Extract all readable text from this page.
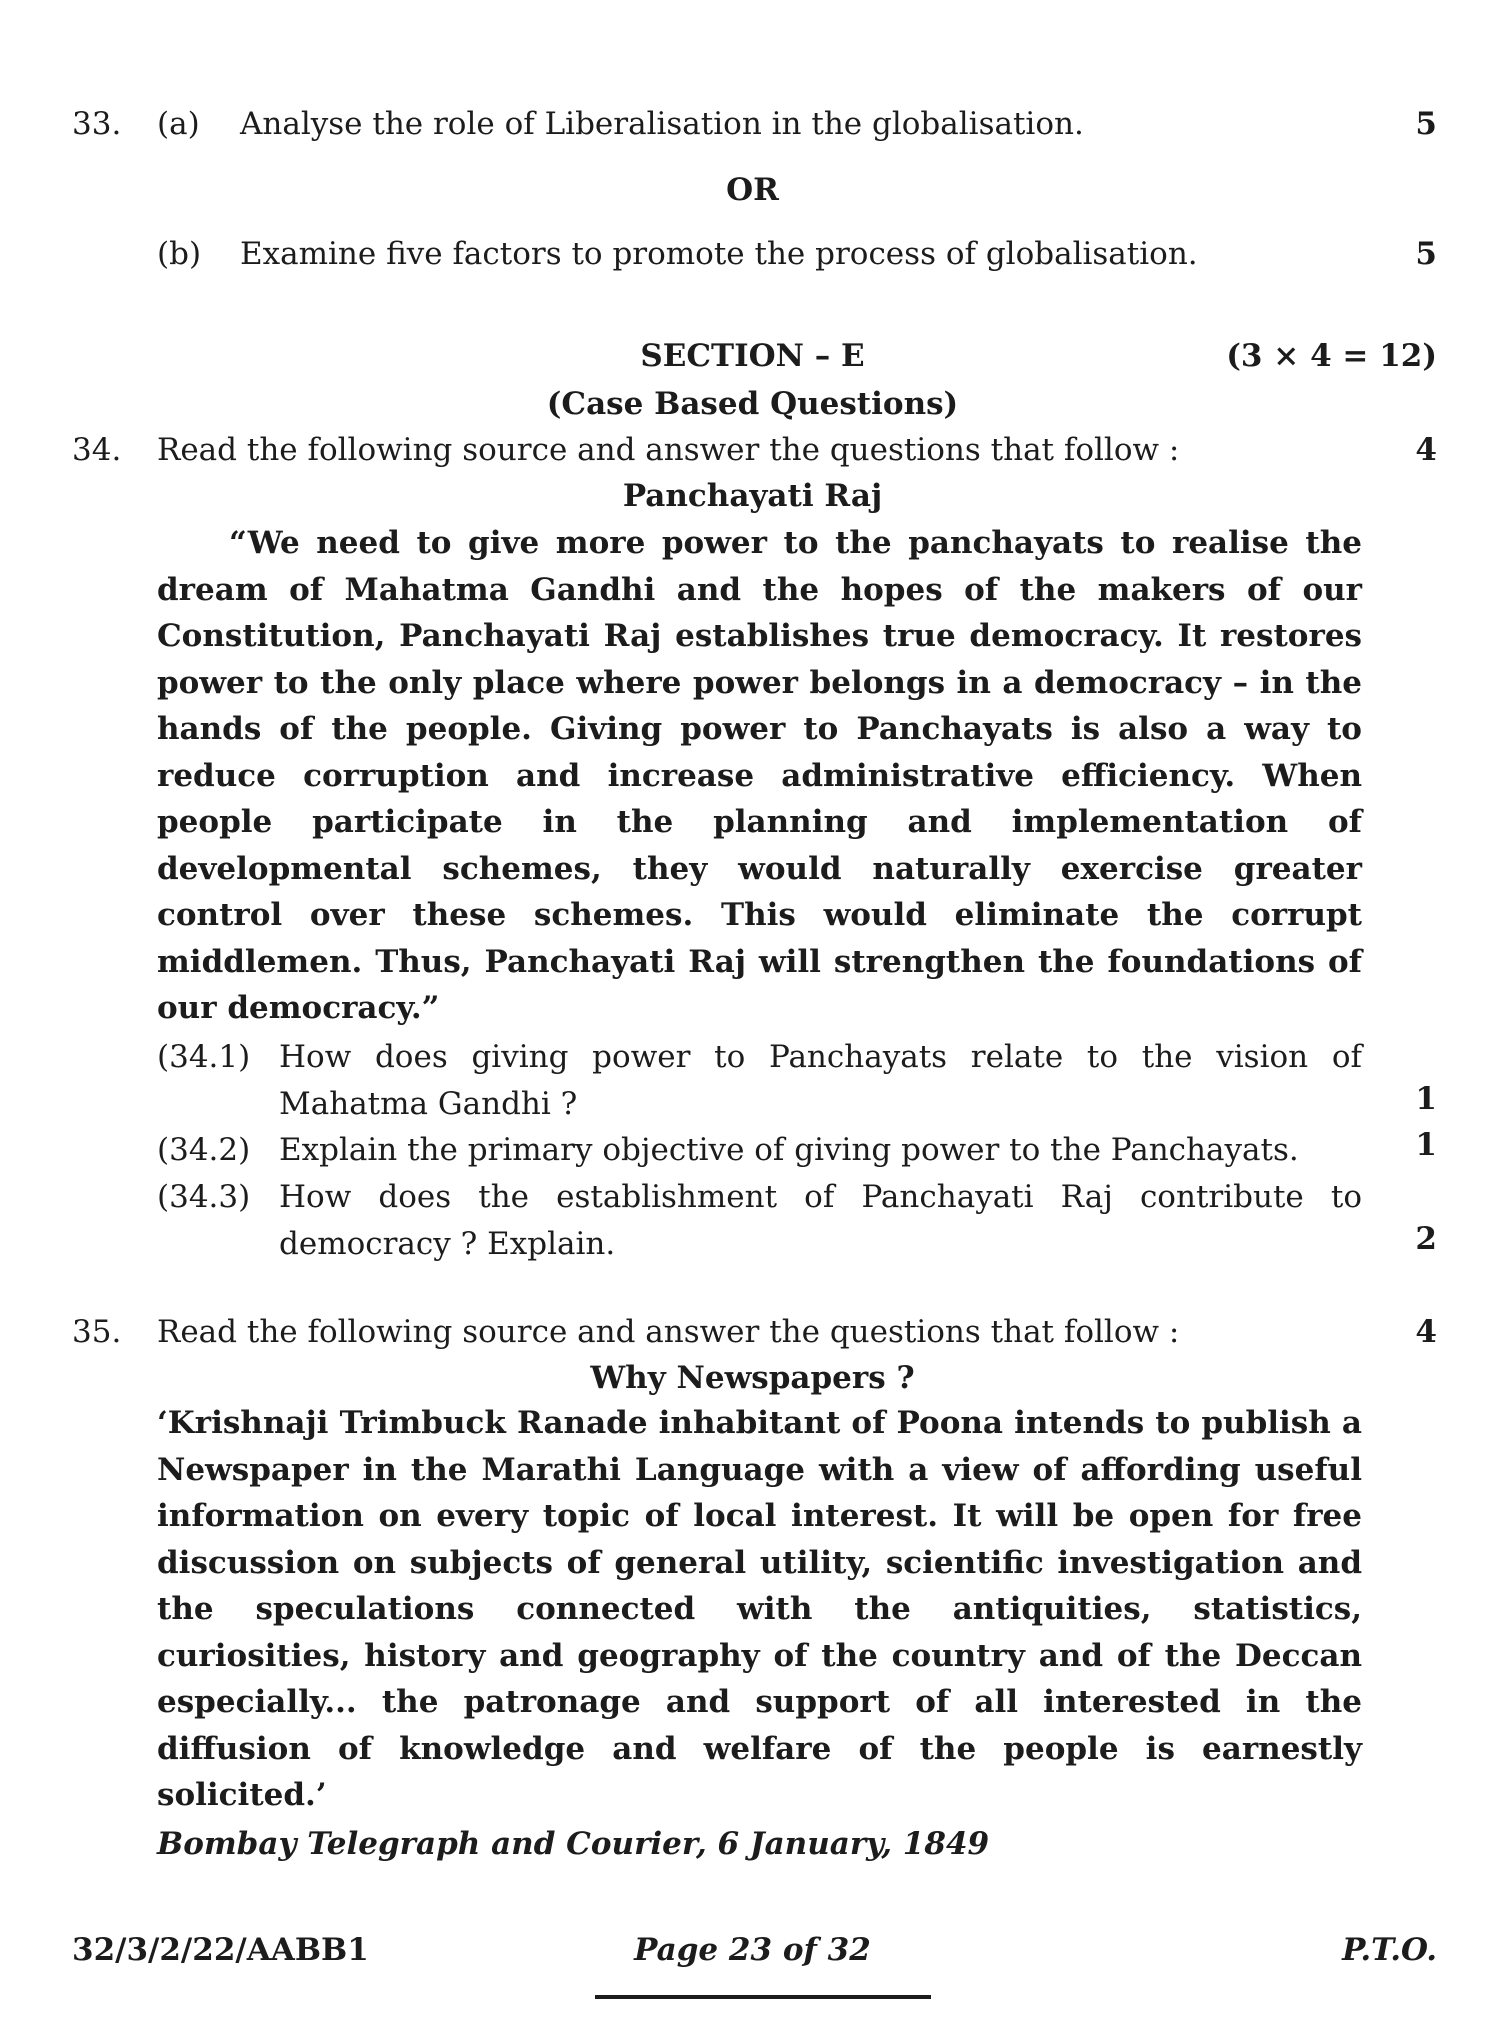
33. (a) Analyse the role of Liberalisation in the globalisation.	5
OR
(b) Examine five factors to promote the process of globalisation.	5
SECTION – E	(3 × 4 = 12)
(Case Based Questions)
34. Read the following source and answer the questions that follow :	4
Panchayati Raj
“We need to give more power to the panchayats to realise the dream of Mahatma Gandhi and the hopes of the makers of our Constitution, Panchayati Raj establishes true democracy. It restores power to the only place where power belongs in a democracy – in the hands of the people. Giving power to Panchayats is also a way to reduce corruption and increase administrative efficiency. When people participate in the planning and implementation of developmental schemes, they would naturally exercise greater control over these schemes. This would eliminate the corrupt middlemen. Thus, Panchayati Raj will strengthen the foundations of our democracy.”
(34.1) How does giving power to Panchayats relate to the vision of Mahatma Gandhi ?	1
(34.2) Explain the primary objective of giving power to the Panchayats.	1
(34.3) How does the establishment of Panchayati Raj contribute to democracy ? Explain.	2
35. Read the following source and answer the questions that follow :	4
Why Newspapers ?
‘Krishnaji Trimbuck Ranade inhabitant of Poona intends to publish a Newspaper in the Marathi Language with a view of affording useful information on every topic of local interest. It will be open for free discussion on subjects of general utility, scientific investigation and the speculations connected with the antiquities, statistics, curiosities, history and geography of the country and of the Deccan especially... the patronage and support of all interested in the diffusion of knowledge and welfare of the people is earnestly solicited.’
Bombay Telegraph and Courier, 6 January, 1849
32/3/2/22/AABB1	Page 23 of 32	P.T.O.
